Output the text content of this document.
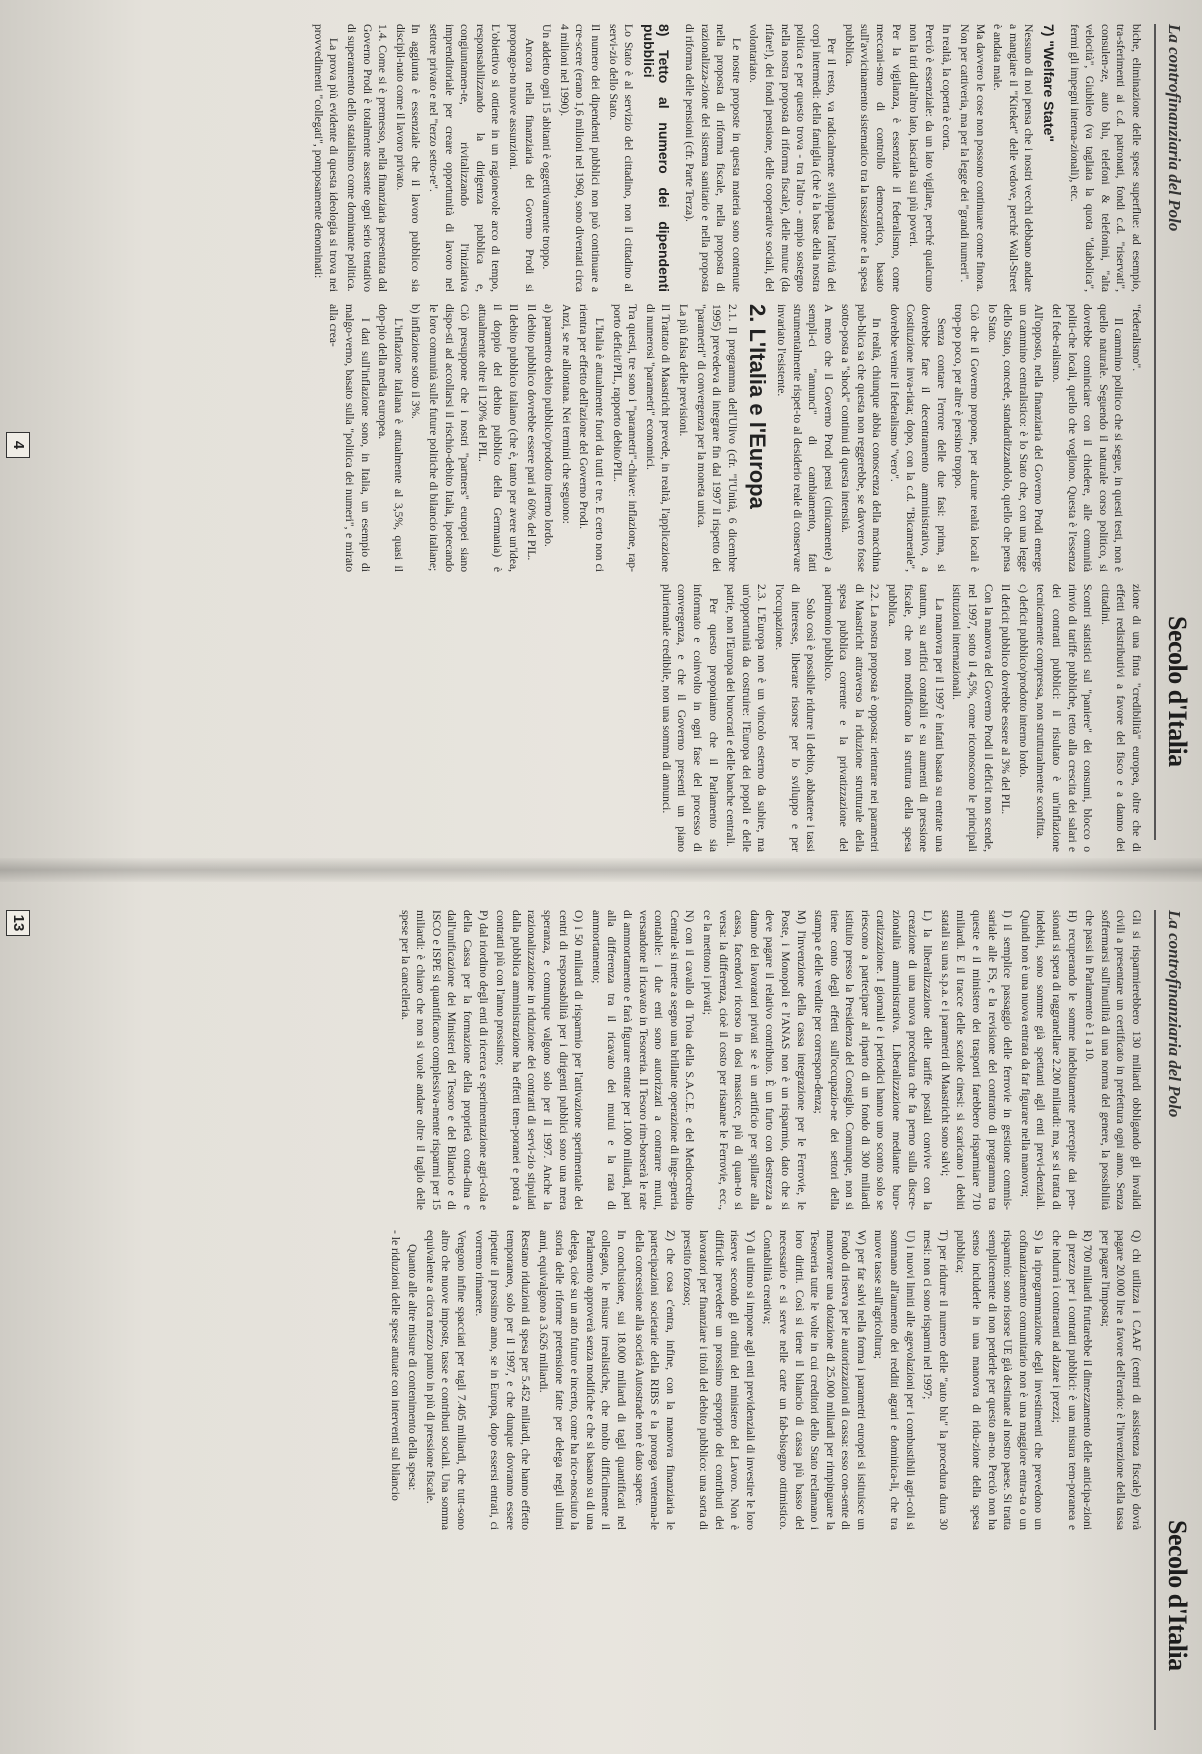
La controfinanziaria del Polo
Secolo d'Italia

biche, eliminazione delle spese superflue: ad esempio, tra-sferimenti ai c.d. patronati, fondi c.d. "riservati", consulen-ze, auto blu, telefoni & telefonini, "alta velocità", Giubileo (va tagliata la quota "diabolica", fermi gli impegni interna-zionali), etc.

7) "Welfare State"

Nessuno di noi pensa che i nostri vecchi debbano andare a mangiare il "Kiteket" delle vedove, perché Wall-Street è andata male.

Ma davvero le cose non possono continuare come finora. Non per cattiveria, ma per la legge dei "grandi numeri".

In realtà, la coperta è corta.

Perciò è essenziale: da un lato vigilare, perché qualcuno non la tiri dall'altro lato, lasciarla sui più poveri.

Per la vigilanza, è essenziale il federalismo, come meccani-smo di controllo democratico, basato sull'avvicinamento sistematico tra la tassazione e la spesa pubblica.

Per il resto, va radicalmente sviluppata l'attività dei corpi intermedi: della famiglia (che è la base della nostra politica e per questo trova - tra l'altro - ampio sostegno nella nostra proposta di riforma fiscale), delle mutue (da rifare!), dei fondi pensione, delle cooperative sociali, del volontariato.

Le nostre proposte in questa materia sono contenute nella proposta di riforma fiscale, nella proposta di razionalizza-zione del sistema sanitario e nella proposta di riforma delle pensioni (cfr. Parte Terza).

8) Tetto al numero dei dipendenti pubblici

Lo Stato è al servizio del cittadino, non il cittadino al servi-zio dello Stato.

Il numero dei dipendenti pubblici non può continuare a cre-scere (erano 1,6 milioni nel 1960, sono diventati circa 4 milioni nel 1990).

Un addetto ogni 15 abitanti è oggettivamente troppo.

Ancora nella finanziaria del Governo Prodi si propongo-no nuove assunzioni.

L'obiettivo si ottiene in un ragionevole arco di tempo, responsabilizzando la dirigenza pubblica e, congiuntamen-te, rivitalizzando l'iniziativa imprenditoriale per creare opportunità di lavoro nel settore privato e nel "terzo setto-re".

In aggiunta è essenziale che il lavoro pubblico sia discipli-nato come il lavoro privato.

1.4. Come si è premesso, nella finanziaria presentata dal Governo Prodi è totalmente assente ogni serio tentativo di superamento dello statalismo come dominante politica.

La prova più evidente di questa ideologia si trova nei provvedimenti "collegati", pomposamente denominati:

"federalismo".

Il cammino politico che si segue, in questi testi, non è quello naturale. Seguendo il naturale corso politico, si dovrebbe cominciare con il chiedere, alle comunità politi-che locali, quello che vogliono. Questa è l'essenza del fede-ralismo.

All'opposto, nella finanziaria del Governo Prodi emerge un cammino centralistico: è lo Stato che, con una legge dello Stato, concede, standardizzandolo, quello che pensa lo Stato.

Ciò che il Governo propone, per alcune realtà locali è trop-po poco, per altre è persino troppo.

Senza contare l'errore delle due fasi: prima, si dovrebbe fare il decentramento amministrativo, a Costituzione inva-riata; dopo, con la c.d. "Bicamerale", dovrebbe venire il federalismo "vero".

In realtà, chiunque abbia conoscenza della macchina pub-blica sa che questa non reggerebbe, se davvero fosse sotto-posta a "shock" continui di questa intensità.

A meno che il Governo Prodi pensi (cinicamente) a sempli-ci "annunci" di cambiamento, fatti strumentalmente rispet-to al desiderio reale di conservare invariato l'esistente.

2. L'Italia e l'Europa

2.1. Il programma dell'Ulivo (cfr. "l'Unità, 6 dicembre 1995) prevedeva di integrare fin dal 1997 il rispetto dei "parametri" di convergenza per la moneta unica.

La più falsa delle previsioni.

Il Trattato di Maastricht prevede, in realtà, l'applicazione di numerosi "parametri" economici.

Tra questi, tre sono i "parametri"-chiave: inflazione, rap-porto deficit/PIL, rapporto debito/PIL.

L'Italia è attualmente fuori da tutti e tre. E certo non ci rientra per effetto dell'azione del Governo Prodi.

Anzi, se ne allontana. Nei termini che seguono:

a) parametro debito pubblico/prodotto interno lordo.

Il debito pubblico dovrebbe essere pari al 60% del PIL.

Il debito pubblico italiano (che è, tanto per avere un'idea, il doppio del debito pubblico della Germania) è attualmente oltre il 120% del PIL.

Ciò presuppone che i nostri "partners" europei siano dispo-sti ad accollarsi il rischio-debito Italia, ipotecando le loro comunità sulle future politiche di bilancio italiane;

b) inflazione sotto il 3%.

L'inflazione italiana è attualmente al 3,5%, quasi il dop-pio della media europea.

I dati sull'inflazione sono, in Italia, un esempio di malgo-verno, basato sulla "politica dei numeri", e mirato alla crea-

zione di una finta "credibilità" europea, oltre che di effetti redistributivi a favore del fisco e a danno dei cittadini.

Scontri statistici sul "paniere" dei consumi, blocco o rinvio di tariffe pubbliche, tetto alla crescita dei salari e dei contratti pubblici: il risultato è un'inflazione tecnicamente compressa, non strutturalmente sconfitta.

c) deficit pubblico/prodotto interno lordo.

Il deficit pubblico dovrebbe essere al 3% del PIL.

Con la manovra del Governo Prodi il deficit non scende, nel 1997, sotto il 4,5%, come riconoscono le principali istituzioni internazionali.

La manovra per il 1997 è infatti basata su entrate una tantum, su artifici contabili e su aumenti di pressione fiscale, che non modificano la struttura della spesa pubblica.

2.2. La nostra proposta è opposta: rientrare nei parametri di Maastricht attraverso la riduzione strutturale della spesa pubblica corrente e la privatizzazione del patrimonio pubblico.

Solo così è possibile ridurre il debito, abbattere i tassi di interesse, liberare risorse per lo sviluppo e per l'occupazione.

2.3. L'Europa non è un vincolo esterno da subire, ma un'opportunità da costruire: l'Europa dei popoli e delle patrie, non l'Europa dei burocrati e delle banche centrali.

Per questo proponiamo che il Parlamento sia informato e coinvolto in ogni fase del processo di convergenza, e che il Governo presenti un piano pluriennale credibile, non una somma di annunci.

4
La controfinanziaria del Polo
Secolo d'Italia

Gli si risparmierebbero 130 miliardi obbligando gli invalidi civili a presentare un certificato in prefettura ogni anno. Senza soffermarsi sull'inutilità di una norma del genere, la possibilità che passi in Parlamento è 1 a 10.

H) recuperando le somme indebitamente percepite dai pen-sionati si spera di raggranellare 2.200 miliardi: ma, se si tratta di indebiti, sono somme già spettanti agli enti previ-denziali. Quindi non è una nuova entrata da far figurare nella manovra;

I) il semplice passaggio delle ferrovie in gestione commis-sariale alle FS, e la revisione del contratto di programma tra queste e il ministero dei trasporti farebbero risparmiare 710 miliardi. E il tracce delle scatole cinesi: si scaricano i debiti statali su una s.p.a. e i parametri di Maastricht sono salvi;

L) la liberalizzazione delle tariffe postali convive con la creazione di una nuova procedura che fa perno sulla discre-zionalità amministrativa. Liberalizzazione mediante buro-cratizzazione. I giornali e i periodici hanno uno sconto solo se riescono a partecipare al riparto di un fondo di 300 miliardi istituito presso la Presidenza del Consiglio. Comunque, non si tiene conto degli effetti sull'occupazio-ne dei settori della stampa e delle vendite per correspon-denza;

M) l'invenzione della cassa integrazione per le Ferrovie, le Poste, i Monopoli e l'ANAS non è un risparmio, dato che si deve pagare il relativo contributo. È un furto con destrezza a danno dei lavoratori privati se è un artificio per spillare alla cassa, facendovi ricorso in dosi massicce, più di quan-to si versa: la differenza, cioè il costo per risanare le Ferrovie, ecc., ce la mettono i privati;

N) con il cavallo di Troia della S.A.C.E. e del Mediocredito Centrale si mette a segno una brillante operazione di inge-gneria contabile: i due enti sono autorizzati a contrarre mutui, versandone il ricavato in Tesoreria. Il Tesoro rim-borserà le rate di ammortamento e farà figurare entrate per 1.000 miliardi, pari alla differenza tra il ricavato dei mutui e la rata di ammortamento;

O) i 50 miliardi di risparmio per l'attivazione sperimentale dei centri di responsabilità per i dirigenti pubblici sono una mera speranza, e comunque valgono solo per il 1997. Anche la razionalizzazione in riduzione dei contratti di servi-zio stipulati dalla pubblica amministrazione ha effetti tem-poranei e potrà a contratti più con l'anno prossimo;

P) dal riordino degli enti di ricerca e sperimentazione agri-cola e della Cassa per la formazione della proprietà conta-dina e dall'unificazione dei Ministeri del Tesoro e del Bilancio e di ISCO e ISPE si quantificano complessiva-mente risparmi per 15 miliardi: è chiaro che non si vuole andare oltre il taglio delle spese per la cancelleria.

Q) chi utilizza i CAAF (centri di assistenza fiscale) dovrà pagare 20.000 lire a favore dell'erario: è l'invenzione della tassa per pagare l'imposta;

R) 700 miliardi fruttarebbe il dimezzamento delle anticipa-zioni di prezzo per i contratti pubblici: è una misura tem-poranea e che indurrà i contraenti ad alzare i prezzi;

S) la riprogrammazione degli investimenti che prevedono un cofinanziamento comunitario non è una maggiore entra-ta o un risparmio: sono risorse UE già destinate al nostro paese. Si tratta semplicemente di non perderle per questo an-no. Perciò non ha senso includerle in una manovra di ridu-zione della spesa pubblica;

T) per ridurre il numero delle "auto blu" la procedura dura 30 mesi: non ci sono risparmi nel 1997;

U) i nuovi limiti alle agevolazioni per i combustibili agri-coli si sommano all'aumento dei redditi agrari e dominica-li, che tra nuove tasse sull'agricoltura;

W) per far salvi nella forma i parametri europei si istituisce un Fondo di riserva per le autorizzazioni di cassa: esso con-sente di manovrare una dotazione di 25.000 miliardi per rimpinguare la Tesoreria tutte le volte in cui creditori dello Stato reclamano i loro diritti. Così si tiene il bilancio di cassa più basso del necessario e si serve nelle carte un fab-bisogno ottimistico. Contabilità creativa;

Y) di ultimo si impone agli enti previdenziali di investire le loro riserve secondo gli ordini del ministero del Lavoro. Non è difficile prevedere un prossimo esproprio dei contributi dei lavoratori per finanziare i titoli del debito pubblico: una sorta di prestito forzoso;

Z) che cosa c'entra, infine, con la manovra finanziaria le partecipazioni societarie della RIBS e la proroga ventenna-le della concessione alla società Autostrade non è dato sapere.

In conclusione, sui 18.000 miliardi di tagli quantificati nel collegato, le misure irrealistiche, che molto difficilmente il Parlamento approverà senza modifiche e che si basano su di una delega, cioè su un atto futuro e incerto, come ha rico-nosciuto la storia delle riforme pretensione fatte per delega negli ultimi anni, equivalgono a 3.626 miliardi.

Restano riduzioni di spesa per 5.452 miliardi, che hanno effetto temporaneo, solo per il 1997, e che dunque dovranno essere ripetute il prossimo anno, se in Europa, dopo essersi entrati, ci vorremo rimanere.

Vengono infine spacciati per tagli 7.405 miliardi, che tutt-sono altro che nuove imposte, tasse e contributi sociali. Una somma equivalente a circa mezzo punto in più di pressione fiscale.

Quanto alle altre misure di contenimento della spesa:

- le riduzioni delle spese attuate con interventi sul bilancio

13
